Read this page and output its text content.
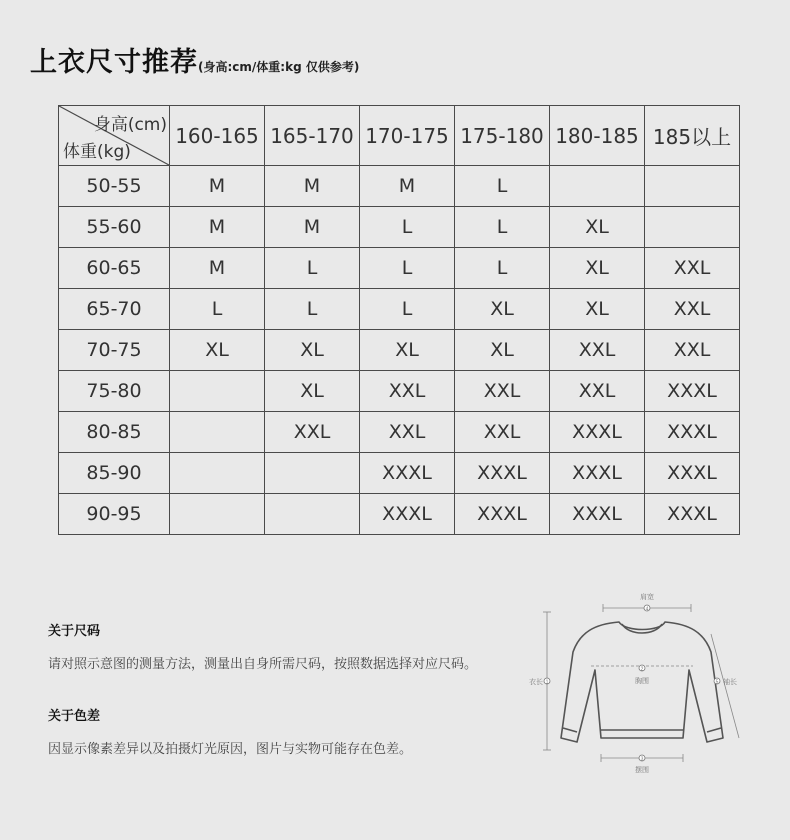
上衣尺寸推荐(身高:cm/体重:kg 仅供参考)
身高(cm)
体重(kg)	160-165	165-170	170-175	175-180	180-185	185以上
50-55	M	M	M	L		
55-60	M	M	L	L	XL	
60-65	M	L	L	L	XL	XXL
65-70	L	L	L	XL	XL	XXL
70-75	XL	XL	XL	XL	XXL	XXL
75-80		XL	XXL	XXL	XXL	XXXL
80-85		XXL	XXL	XXL	XXXL	XXXL
85-90			XXXL	XXXL	XXXL	XXXL
90-95			XXXL	XXXL	XXXL	XXXL
关于尺码
请对照示意图的测量方法，测量出自身所需尺码，按照数据选择对应尺码。
关于色差
因显示像素差异以及拍摄灯光原因，图片与实物可能存在色差。
肩宽
4
衣长 1
2
胸围	5 袖长
3
摆围
